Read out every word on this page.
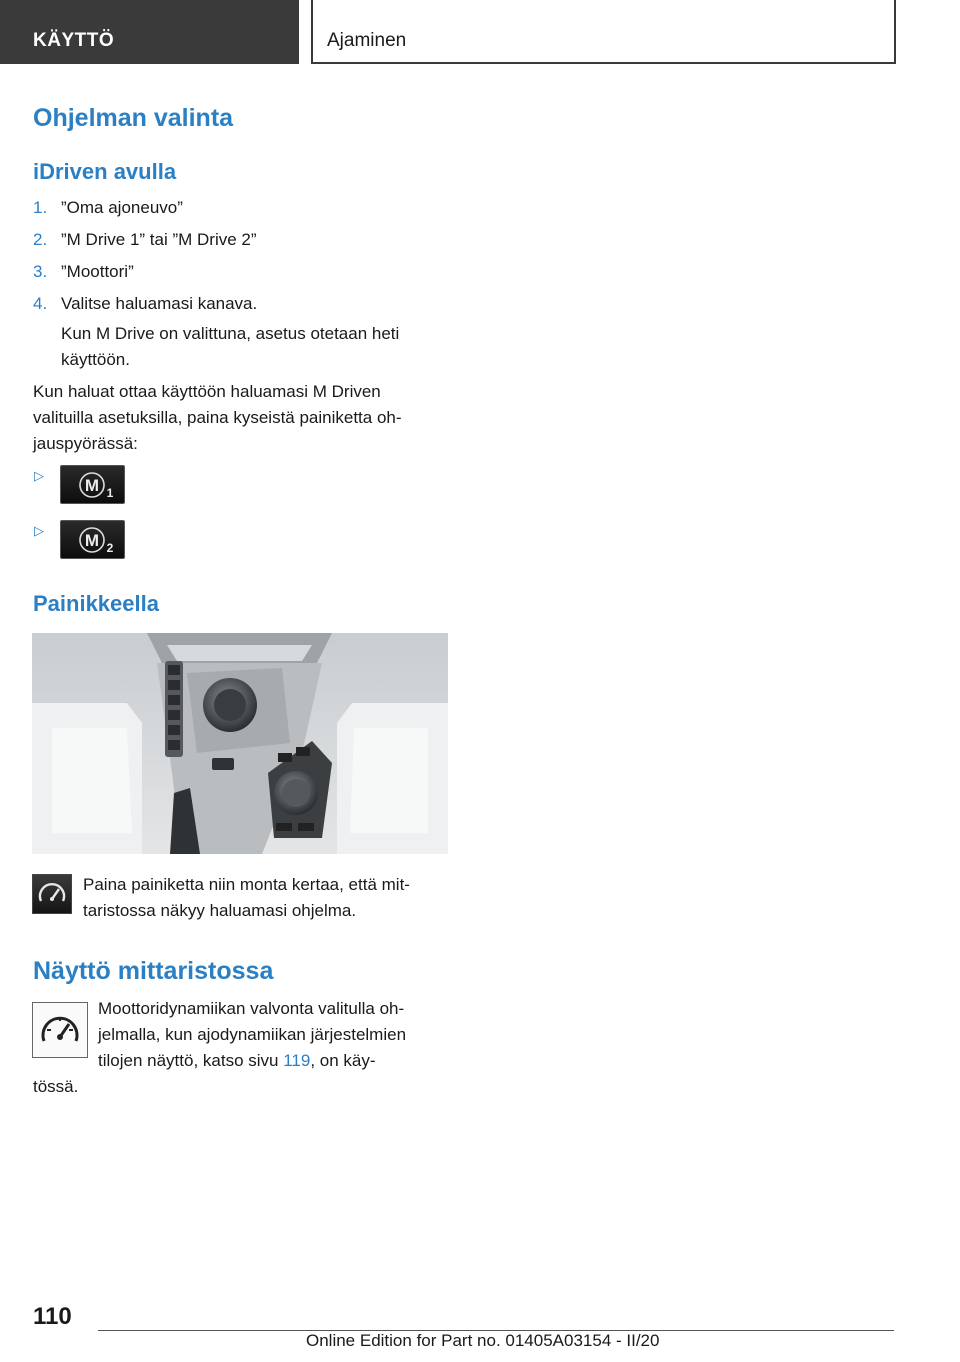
KÄYTTÖ	Ajaminen
Ohjelman valinta
iDriven avulla
1. ”Oma ajoneuvo”
2. ”M Drive 1” tai ”M Drive 2”
3. ”Moottori”
4. Valitse haluamasi kanava.
Kun M Drive on valittuna, asetus otetaan heti
käyttöön.
Kun haluat ottaa käyttöön haluamasi M Driven
valituilla asetuksilla, paina kyseistä painiketta oh-
jauspyörässä:
▷
M 1
▷
M 2
Painikkeella
Paina painiketta niin monta kertaa, että mit-
taristossa näkyy haluamasi ohjelma.
Näyttö mittaristossa
Moottoridynamiikan valvonta valitulla oh-
jelmalla, kun ajodynamiikan järjestelmien
tilojen näyttö, katso sivu 119, on käy-
tössä.
110
Online Edition for Part no. 01405A03154 - II/20
